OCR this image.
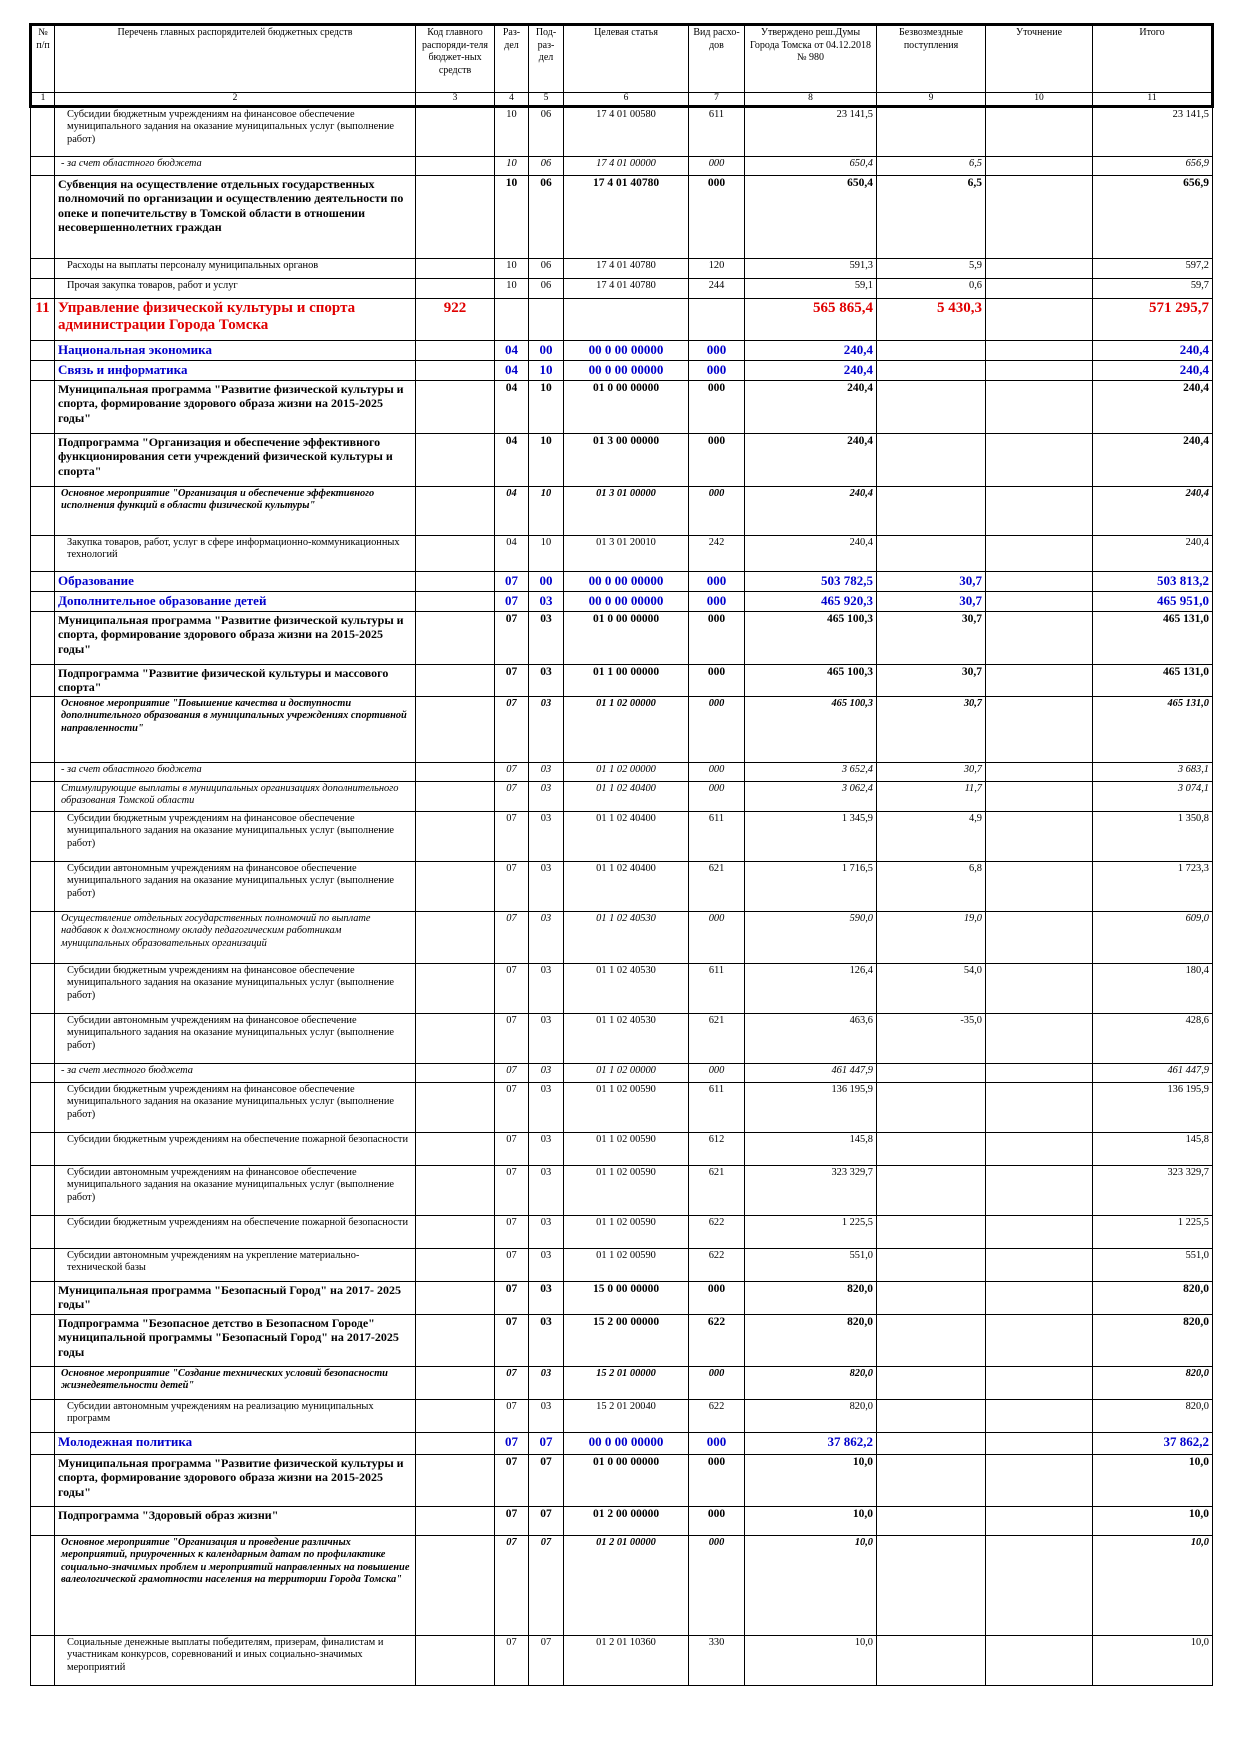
№ п/п	Перечень главных распорядителей бюджетных средств	Код главного распоряди-теля бюджет-ных средств	Раз-дел	Под-раз-дел	Целевая статья	Вид расхо-дов	Утверждено реш.Думы Города Томска от 04.12.2018 № 980	Безвозмездные поступления	Уточнение	Итого
1	2	3	4	5	6	7	8	9	10	11
	Субсидии бюджетным учреждениям на финансовое обеспечение муниципального задания на оказание муниципальных услуг (выполнение работ)		10	06	17 4 01 00580	611	23 141,5			23 141,5
	- за счет областного бюджета		10	06	17 4 01 00000	000	650,4	6,5		656,9
	Субвенция на осуществление отдельных государственных полномочий по организации и осуществлению деятельности по опеке и попечительству в Томской области в отношении несовершеннолетних граждан		10	06	17 4 01 40780	000	650,4	6,5		656,9
	Расходы на выплаты персоналу муниципальных органов		10	06	17 4 01 40780	120	591,3	5,9		597,2
	Прочая закупка товаров, работ и услуг		10	06	17 4 01 40780	244	59,1	0,6		59,7
11	Управление физической культуры и спорта администрации Города Томска	922					565 865,4	5 430,3		571 295,7
	Национальная экономика		04	00	00 0 00 00000	000	240,4			240,4
	Связь и информатика		04	10	00 0 00 00000	000	240,4			240,4
	Муниципальная программа "Развитие физической культуры и спорта, формирование здорового образа жизни на 2015-2025 годы"		04	10	01 0 00 00000	000	240,4			240,4
	Подпрограмма "Организация и обеспечение эффективного функционирования сети учреждений физической культуры и спорта"		04	10	01 3 00 00000	000	240,4			240,4
	Основное мероприятие "Организация и обеспечение эффективного исполнения функций в области физической культуры"		04	10	01 3 01 00000	000	240,4			240,4
	Закупка товаров, работ, услуг в сфере информационно-коммуникационных технологий		04	10	01 3 01 20010	242	240,4			240,4
	Образование		07	00	00 0 00 00000	000	503 782,5	30,7		503 813,2
	Дополнительное образование детей		07	03	00 0 00 00000	000	465 920,3	30,7		465 951,0
	Муниципальная программа "Развитие физической культуры и спорта, формирование здорового образа жизни на 2015-2025 годы"		07	03	01 0 00 00000	000	465 100,3	30,7		465 131,0
	Подпрограмма "Развитие физической культуры и массового спорта"		07	03	01 1 00 00000	000	465 100,3	30,7		465 131,0
	Основное мероприятие "Повышение качества и доступности дополнительного образования в муниципальных учреждениях спортивной направленности"		07	03	01 1 02 00000	000	465 100,3	30,7		465 131,0
	- за счет областного бюджета		07	03	01 1 02 00000	000	3 652,4	30,7		3 683,1
	Стимулирующие выплаты в муниципальных организациях дополнительного образования Томской области		07	03	01 1 02 40400	000	3 062,4	11,7		3 074,1
	Субсидии бюджетным учреждениям на финансовое обеспечение муниципального задания на оказание муниципальных услуг (выполнение работ)		07	03	01 1 02 40400	611	1 345,9	4,9		1 350,8
	Субсидии автономным учреждениям на финансовое обеспечение муниципального задания на оказание муниципальных услуг (выполнение работ)		07	03	01 1 02 40400	621	1 716,5	6,8		1 723,3
	Осуществление отдельных государственных полномочий по выплате надбавок к должностному окладу педагогическим работникам муниципальных образовательных организаций		07	03	01 1 02 40530	000	590,0	19,0		609,0
	Субсидии бюджетным учреждениям на финансовое обеспечение муниципального задания на оказание муниципальных услуг (выполнение работ)		07	03	01 1 02 40530	611	126,4	54,0		180,4
	Субсидии автономным учреждениям на финансовое обеспечение муниципального задания на оказание муниципальных услуг (выполнение работ)		07	03	01 1 02 40530	621	463,6	-35,0		428,6
	- за счет местного бюджета		07	03	01 1 02 00000	000	461 447,9			461 447,9
	Субсидии бюджетным учреждениям на финансовое обеспечение муниципального задания на оказание муниципальных услуг (выполнение работ)		07	03	01 1 02 00590	611	136 195,9			136 195,9
	Субсидии бюджетным учреждениям на обеспечение пожарной безопасности		07	03	01 1 02 00590	612	145,8			145,8
	Субсидии автономным учреждениям на финансовое обеспечение муниципального задания на оказание муниципальных услуг (выполнение работ)		07	03	01 1 02 00590	621	323 329,7			323 329,7
	Субсидии бюджетным учреждениям на обеспечение пожарной безопасности		07	03	01 1 02 00590	622	1 225,5			1 225,5
	Субсидии автономным учреждениям на укрепление материально-технической базы		07	03	01 1 02 00590	622	551,0			551,0
	Муниципальная программа "Безопасный Город" на 2017- 2025 годы"		07	03	15 0 00 00000	000	820,0			820,0
	Подпрограмма "Безопасное детство в Безопасном Городе" муниципальной программы "Безопасный Город" на 2017-2025 годы		07	03	15 2 00 00000	622	820,0			820,0
	Основное мероприятие "Создание технических условий безопасности жизнедеятельности детей"		07	03	15 2 01 00000	000	820,0			820,0
	Субсидии автономным учреждениям на реализацию муниципальных программ		07	03	15 2 01 20040	622	820,0			820,0
	Молодежная политика		07	07	00 0 00 00000	000	37 862,2			37 862,2
	Муниципальная программа "Развитие физической культуры и спорта, формирование здорового образа жизни на 2015-2025 годы"		07	07	01 0 00 00000	000	10,0			10,0
	Подпрограмма "Здоровый образ жизни"		07	07	01 2 00 00000	000	10,0			10,0
	Основное мероприятие "Организация и проведение различных мероприятий, приуроченных к календарным датам по профилактике социально-значимых проблем и мероприятий направленных на повышение валеологической грамотности населения на территории Города Томска"		07	07	01 2 01 00000	000	10,0			10,0
	Социальные денежные выплаты победителям, призерам, финалистам и участникам конкурсов, соревнований и иных социально-значимых мероприятий		07	07	01 2 01 10360	330	10,0			10,0
